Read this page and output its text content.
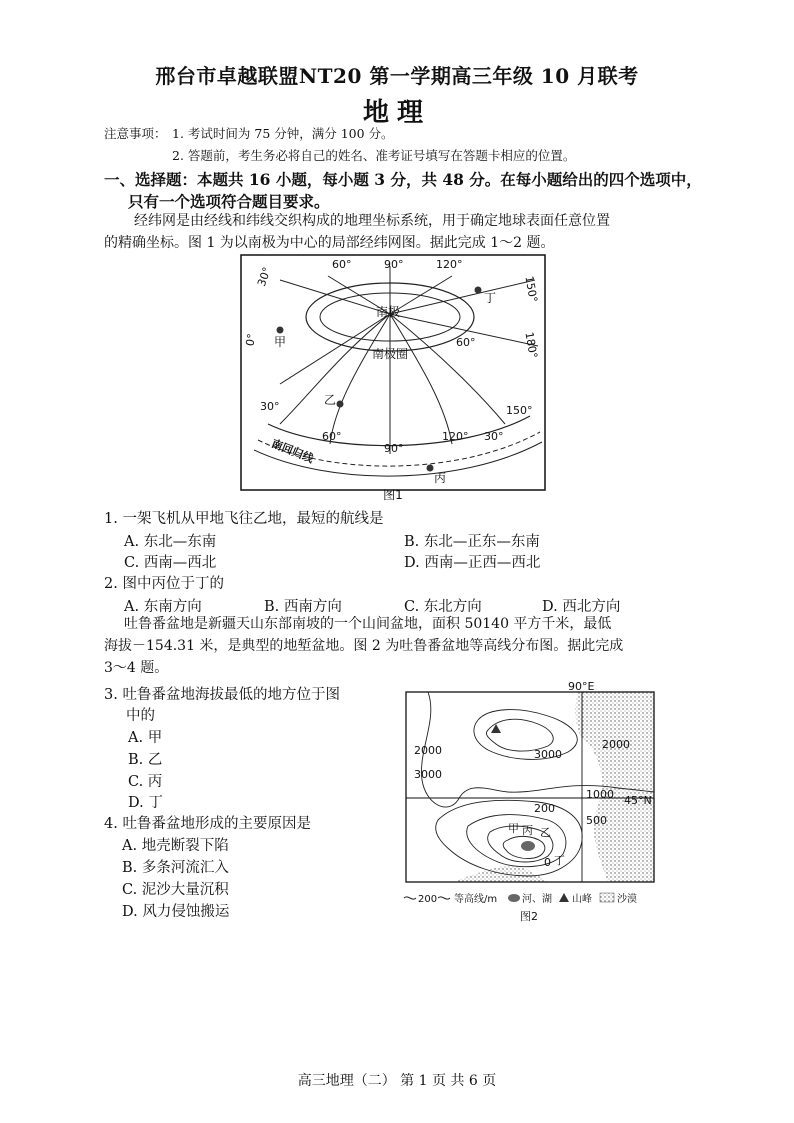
邢台市卓越联盟NT20 第一学期高三年级 10 月联考
地理
注意事项： 1. 考试时间为 75 分钟，满分 100 分。
2. 答题前，考生务必将自己的姓名、准考证号填写在答题卡相应的位置。
一、选择题：本题共 16 小题，每小题 3 分，共 48 分。在每小题给出的四个选项中，
只有一个选项符合题目要求。
经纬网是由经线和纬线交织构成的地理坐标系统，用于确定地球表面任意位置
的精确坐标。图 1 为以南极为中心的局部经纬网图。据此完成 1～2 题。
60°	90°	120°
30°	150°
0°	180°
60°
30°
30°
60°
90°
120°
150°
南极
南极圈
南回归线
甲
乙
丙
丁
图1
1. 一架飞机从甲地飞往乙地，最短的航线是
A. 东北—东南	B. 东北—正东—东南
C. 西南—西北	D. 西南—正西—西北
2. 图中丙位于丁的
A. 东南方向	B. 西南方向	C. 东北方向	D. 西北方向
吐鲁番盆地是新疆天山东部南坡的一个山间盆地，面积 50140 平方千米，最低
海拔－154.31 米，是典型的地堑盆地。图 2 为吐鲁番盆地等高线分布图。据此完成
3～4 题。
3. 吐鲁番盆地海拔最低的地方位于图
中的
A. 甲
B. 乙
C. 丙
D. 丁
4. 吐鲁番盆地形成的主要原因是
A. 地壳断裂下陷
B. 多条河流汇入
C. 泥沙大量沉积
D. 风力侵蚀搬运
200 等高线/m 河、湖 山峰	沙漠
90°E
45°N
2000	3000
2000
3000
1000
200
500
0
甲 丙 乙
丁
图2
高三地理（二） 第 1 页 共 6 页
